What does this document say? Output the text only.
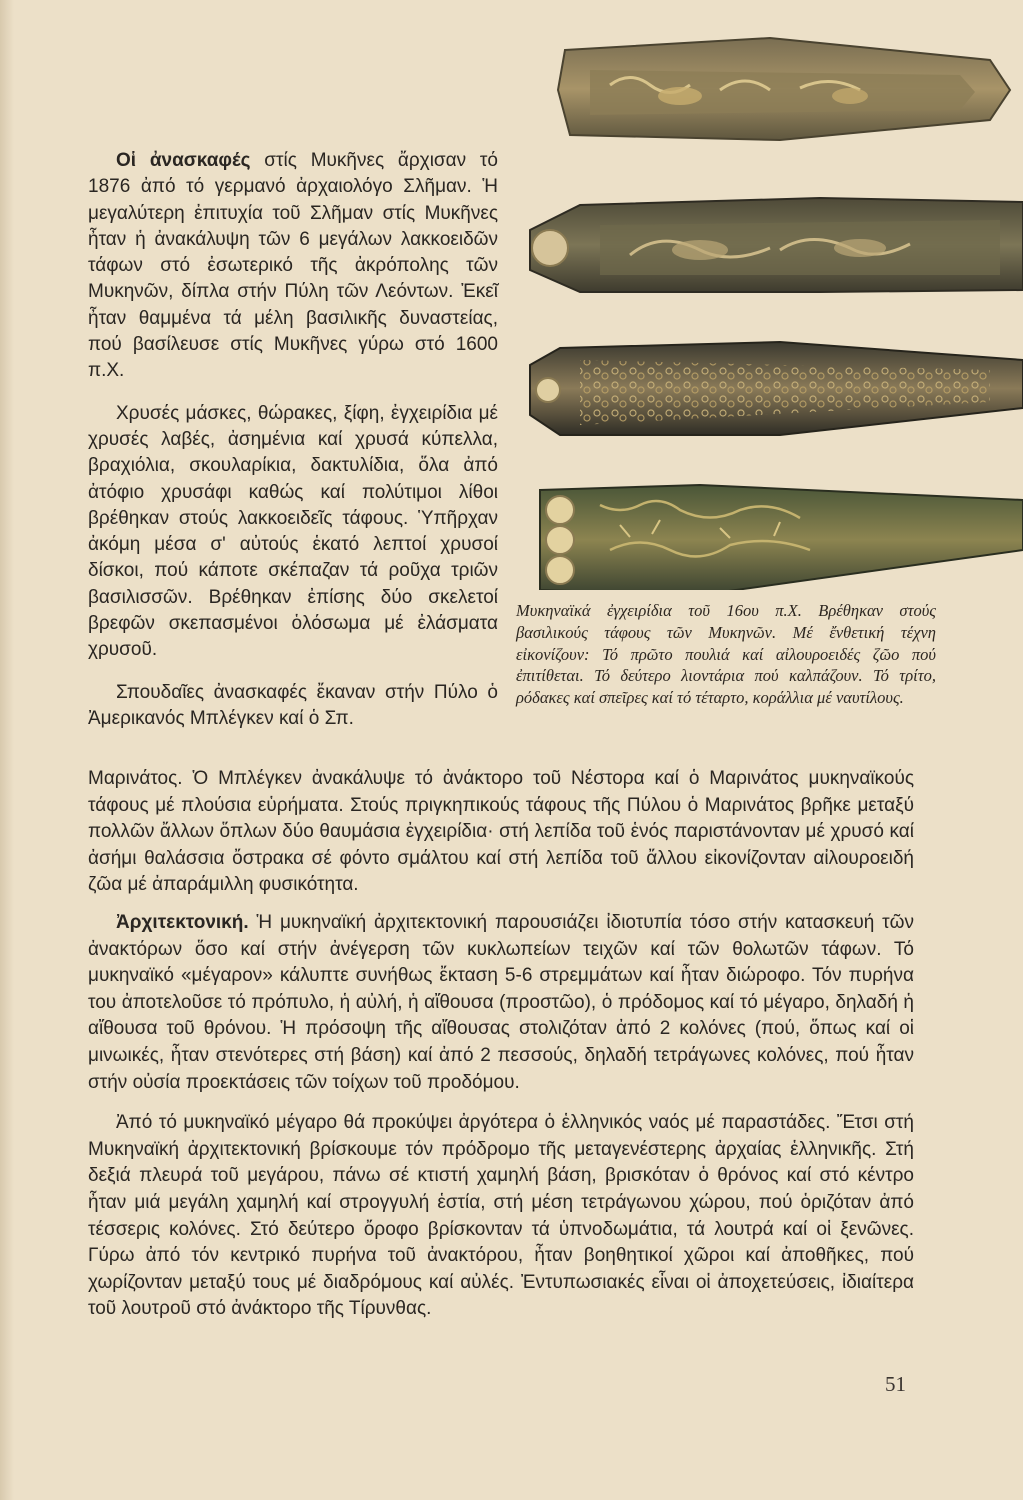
Οἱ ἀνασκαφές στίς Μυκῆνες ἄρχισαν τό 1876 ἀπό τό γερμανό ἀρχαιολόγο Σλῆμαν. Ἡ μεγαλύτερη ἐπιτυχία τοῦ Σλῆμαν στίς Μυκῆνες ἦταν ἡ ἀνακάλυψη τῶν 6 μεγάλων λακκοειδῶν τάφων στό ἐσωτερικό τῆς ἀκρόπολης τῶν Μυκηνῶν, δίπλα στήν Πύλη τῶν Λεόντων. Ἐκεῖ ἦταν θαμμένα τά μέλη βασιλικῆς δυναστείας, πού βασίλευσε στίς Μυκῆνες γύρω στό 1600 π.Χ.

Χρυσές μάσκες, θώρακες, ξίφη, ἐγχειρίδια μέ χρυσές λαβές, ἀσημένια καί χρυσά κύπελλα, βραχιόλια, σκουλαρίκια, δακτυλίδια, ὅλα ἀπό ἀτόφιο χρυσάφι καθώς καί πολύτιμοι λίθοι βρέθηκαν στούς λακκοειδεῖς τάφους. Ὑπῆρχαν ἀκόμη μέσα σ' αὐτούς ἑκατό λεπτοί χρυσοί δίσκοι, πού κάποτε σκέπαζαν τά ροῦχα τριῶν βασιλισσῶν. Βρέθηκαν ἐπίσης δύο σκελετοί βρεφῶν σκεπασμένοι ὁλόσωμα μέ ἐλάσματα χρυσοῦ.

Σπουδαῖες ἀνασκαφές ἔκαναν στήν Πύλο ὁ Ἀμερικανός Μπλέγκεν καί ὁ Σπ.

Μυκηναϊκά ἐγχειρίδια τοῦ 16ου π.Χ. Βρέθηκαν στούς βασιλικούς τάφους τῶν Μυκηνῶν. Μέ ἔνθετική τέχνη εἰκονίζουν: Τό πρῶτο πουλιά καί αἰλουροειδές ζῶο πού ἐπιτίθεται. Τό δεύτερο λιοντάρια πού καλπάζουν. Τό τρίτο, ρόδακες καί σπεῖρες καί τό τέταρτο, κοράλλια μέ ναυτίλους.

Μαρινάτος. Ὁ Μπλέγκεν ἀνακάλυψε τό ἀνάκτορο τοῦ Νέστορα καί ὁ Μαρινάτος μυκηναϊκούς τάφους μέ πλούσια εὑρήματα. Στούς πριγκηπικούς τάφους τῆς Πύλου ὁ Μαρινάτος βρῆκε μεταξύ πολλῶν ἄλλων ὅπλων δύο θαυμάσια ἐγχειρίδια· στή λεπίδα τοῦ ἑνός παριστάνονταν μέ χρυσό καί ἀσήμι θαλάσσια ὄστρακα σέ φόντο σμάλτου καί στή λεπίδα τοῦ ἄλλου εἰκονίζονταν αἰλουροειδή ζῶα μέ ἀπαράμιλλη φυσικότητα.

Ἀρχιτεκτονική. Ἡ μυκηναϊκή ἀρχιτεκτονική παρουσιάζει ἰδιοτυπία τόσο στήν κατασκευή τῶν ἀνακτόρων ὅσο καί στήν ἀνέγερση τῶν κυκλωπείων τειχῶν καί τῶν θολωτῶν τάφων. Τό μυκηναϊκό «μέγαρον» κάλυπτε συνήθως ἔκταση 5-6 στρεμμάτων καί ἦταν διώροφο. Τόν πυρήνα του ἀποτελοῦσε τό πρόπυλο, ἡ αὐλή, ἡ αἴθουσα (προστῶο), ὁ πρόδομος καί τό μέγαρο, δηλαδή ἡ αἴθουσα τοῦ θρόνου. Ἡ πρόσοψη τῆς αἴθουσας στολιζόταν ἀπό 2 κολόνες (πού, ὅπως καί οἱ μινωικές, ἦταν στενότερες στή βάση) καί ἀπό 2 πεσσούς, δηλαδή τετράγωνες κολόνες, πού ἦταν στήν οὐσία προεκτάσεις τῶν τοίχων τοῦ προδόμου.

Ἀπό τό μυκηναϊκό μέγαρο θά προκύψει ἀργότερα ὁ ἑλληνικός ναός μέ παραστάδες. Ἔτσι στή Μυκηναϊκή ἀρχιτεκτονική βρίσκουμε τόν πρόδρομο τῆς μεταγενέστερης ἀρχαίας ἑλληνικῆς. Στή δεξιά πλευρά τοῦ μεγάρου, πάνω σέ κτιστή χαμηλή βάση, βρισκόταν ὁ θρόνος καί στό κέντρο ἦταν μιά μεγάλη χαμηλή καί στρογγυλή ἑστία, στή μέση τετράγωνου χώρου, πού ὁριζόταν ἀπό τέσσερις κολόνες. Στό δεύτερο ὄροφο βρίσκονταν τά ὑπνοδωμάτια, τά λουτρά καί οἱ ξενῶνες. Γύρω ἀπό τόν κεντρικό πυρήνα τοῦ ἀνακτόρου, ἦταν βοηθητικοί χῶροι καί ἀποθῆκες, πού χωρίζονταν μεταξύ τους μέ διαδρόμους καί αὐλές. Ἐντυπωσιακές εἶναι οἱ ἀποχετεύσεις, ἰδιαίτερα τοῦ λουτροῦ στό ἀνάκτορο τῆς Τίρυνθας.

51
